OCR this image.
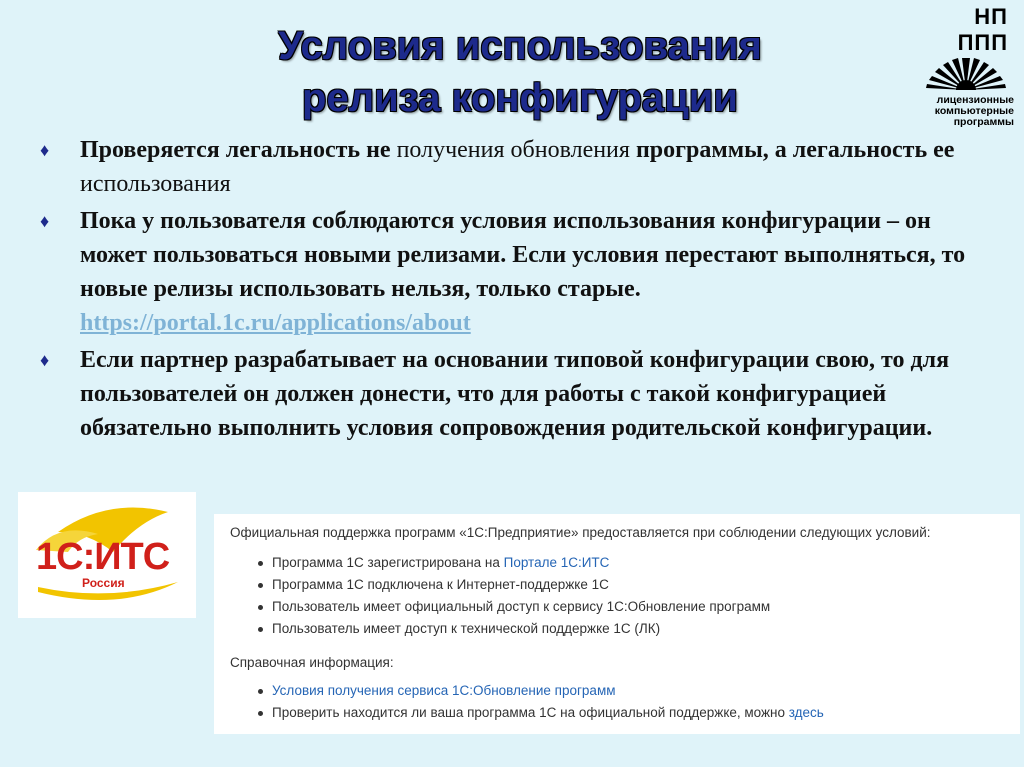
Условия использования
релиза конфигурации
НП ППП
лицензионные
компьютерные
программы
♦ Проверяется легальность не получения обновления программы, а легальность ее использования
♦ Пока у пользователя соблюдаются условия использования конфигурации – он может пользоваться новыми релизами. Если условия перестают выполняться, то новые релизы использовать нельзя, только старые. https://portal.1c.ru/applications/about
♦ Если партнер разрабатывает на основании типовой конфигурации свою, то для пользователей он должен донести, что для работы с такой конфигурацией обязательно выполнить условия сопровождения родительской конфигурации.
1С:ИТС
Россия
Официальная поддержка программ «1С:Предприятие» предоставляется при соблюдении следующих условий:
Программа 1С зарегистрирована на Порталe 1С:ИТС
Программа 1С подключена к Интернет-поддержке 1С
Пользователь имеет официальный доступ к сервису 1С:Обновление программ
Пользователь имеет доступ к технической поддержке 1С (ЛК)
Справочная информация:
Условия получения сервиса 1С:Обновление программ
Проверить находится ли ваша программа 1С на официальной поддержке, можно здесь
